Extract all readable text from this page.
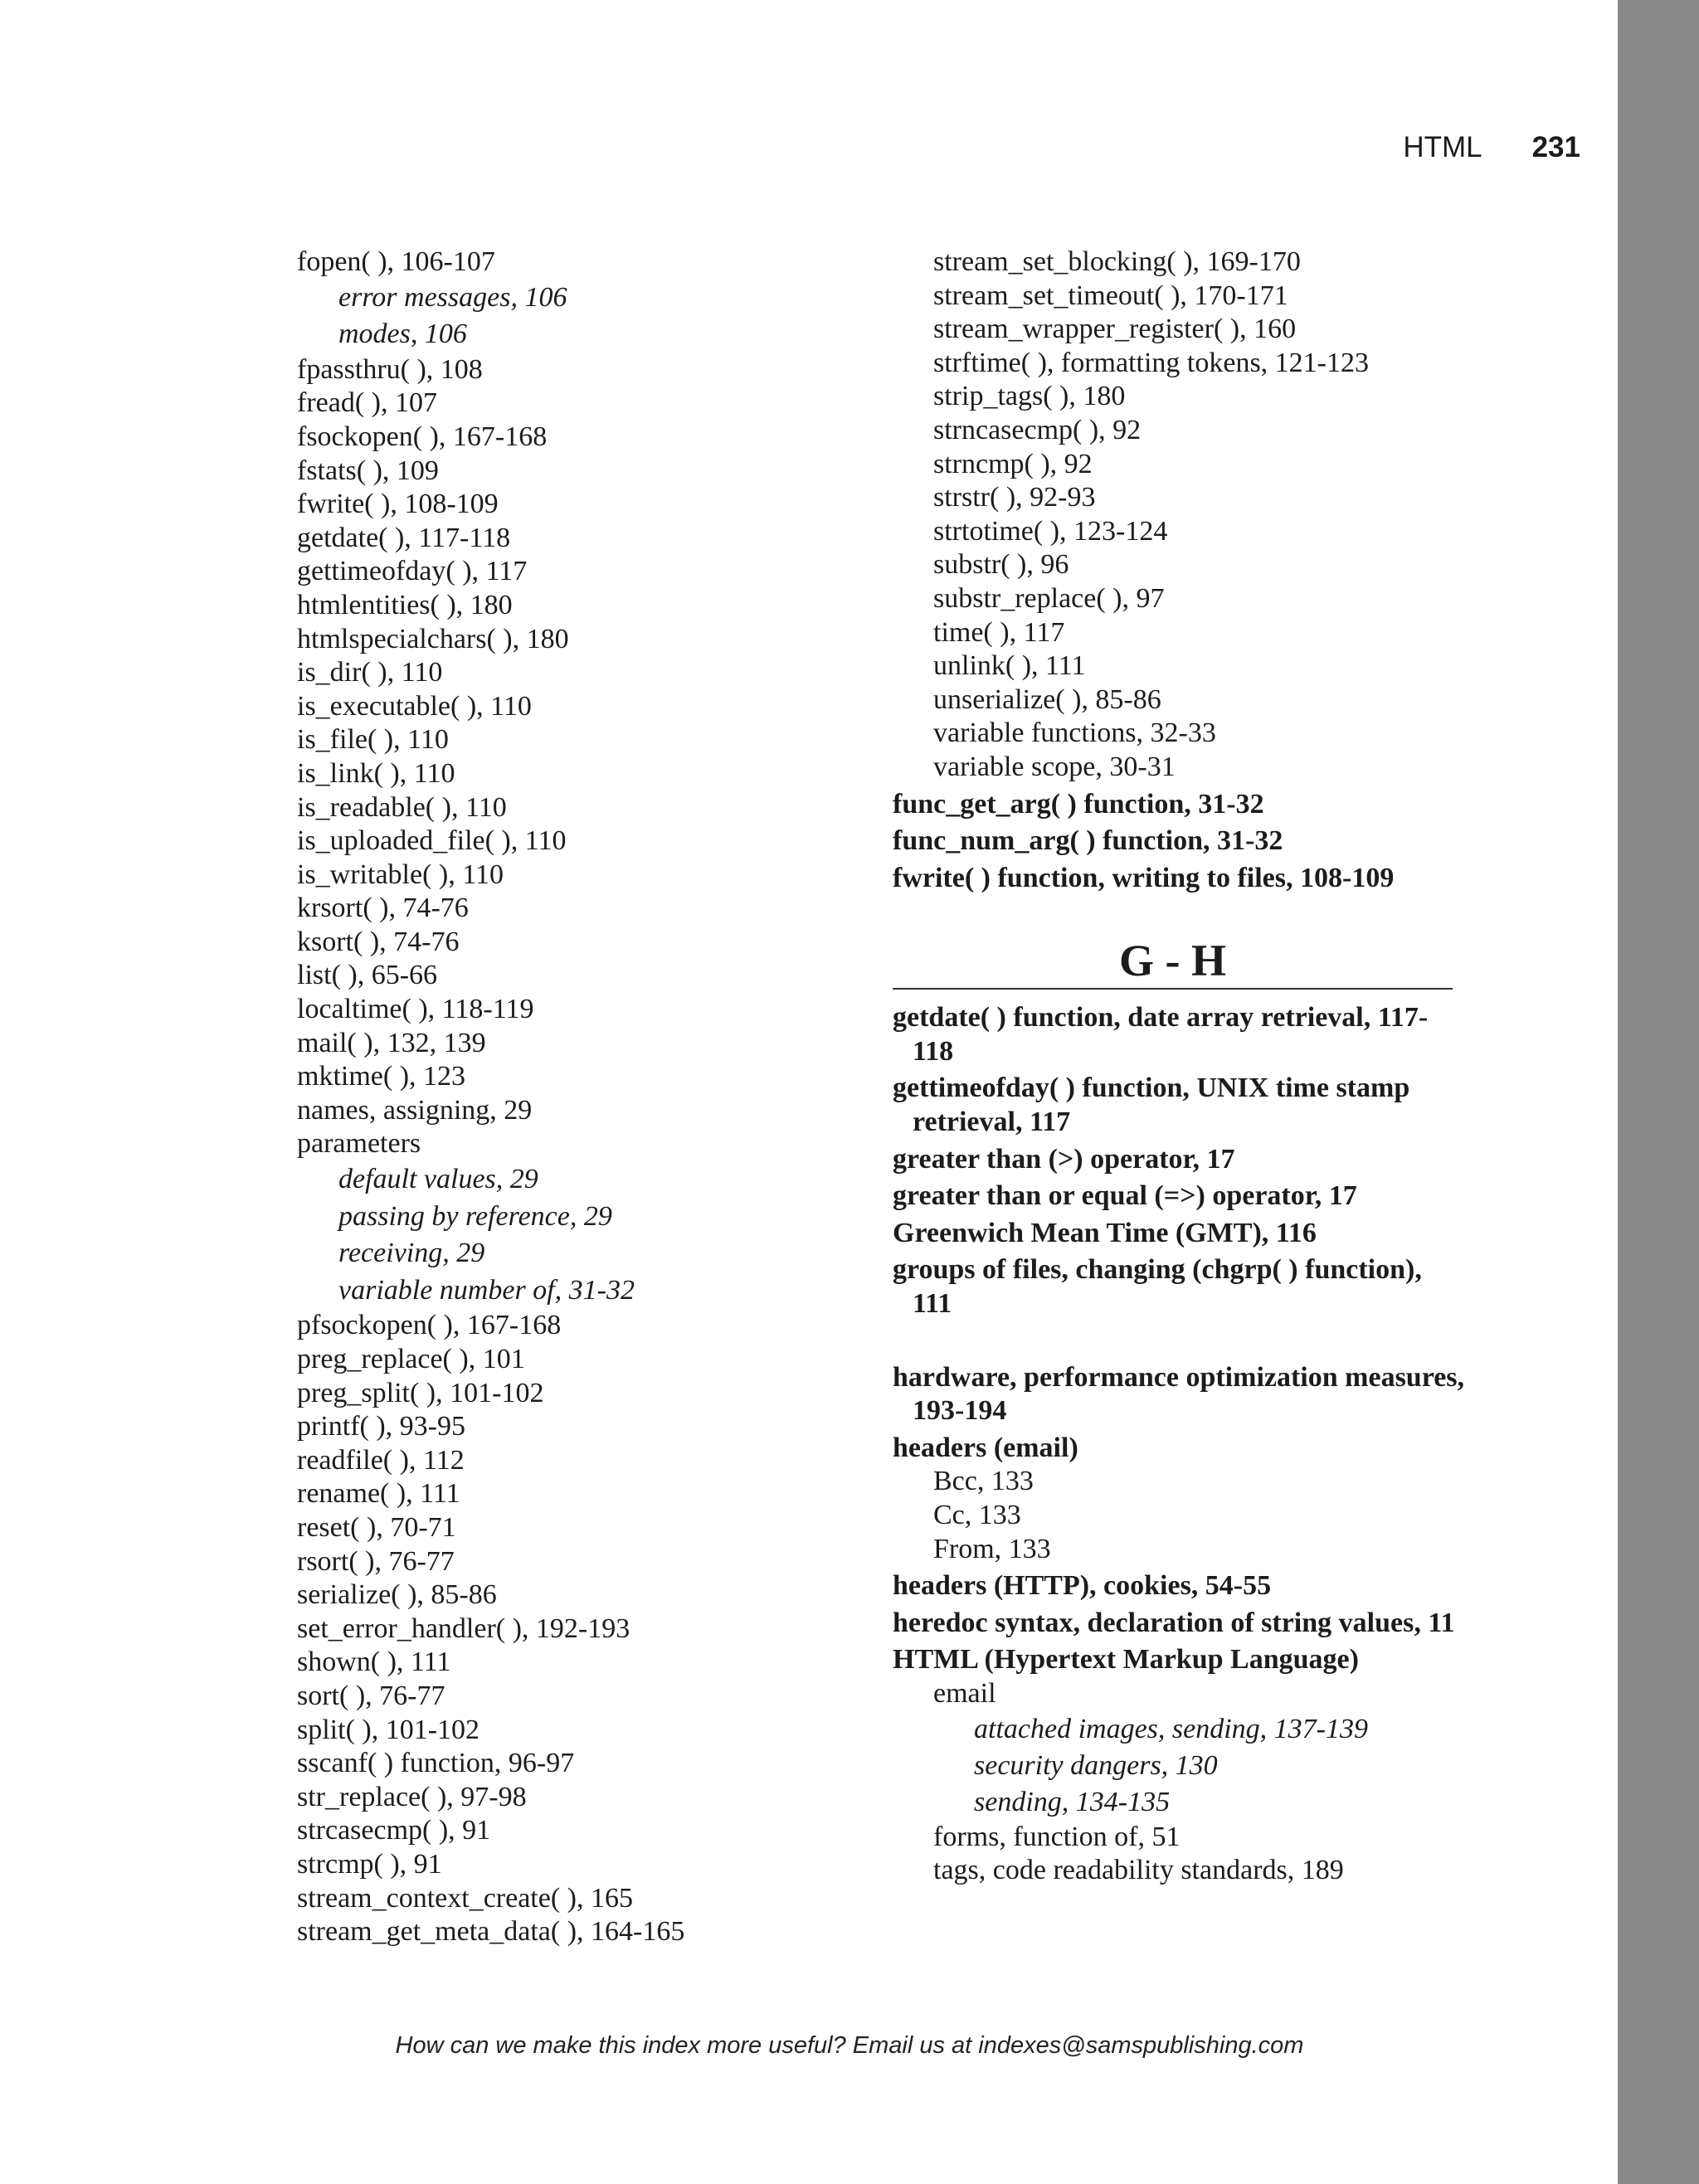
HTML 231
fopen( ), 106-107
error messages, 106
modes, 106
fpassthru( ), 108
fread( ), 107
fsockopen( ), 167-168
fstats( ), 109
fwrite( ), 108-109
getdate( ), 117-118
gettimeofday( ), 117
htmlentities( ), 180
htmlspecialchars( ), 180
is_dir( ), 110
is_executable( ), 110
is_file( ), 110
is_link( ), 110
is_readable( ), 110
is_uploaded_file( ), 110
is_writable( ), 110
krsort( ), 74-76
ksort( ), 74-76
list( ), 65-66
localtime( ), 118-119
mail( ), 132, 139
mktime( ), 123
names, assigning, 29
parameters
default values, 29
passing by reference, 29
receiving, 29
variable number of, 31-32
pfsockopen( ), 167-168
preg_replace( ), 101
preg_split( ), 101-102
printf( ), 93-95
readfile( ), 112
rename( ), 111
reset( ), 70-71
rsort( ), 76-77
serialize( ), 85-86
set_error_handler( ), 192-193
shown( ), 111
sort( ), 76-77
split( ), 101-102
sscanf( ) function, 96-97
str_replace( ), 97-98
strcasecmp( ), 91
strcmp( ), 91
stream_context_create( ), 165
stream_get_meta_data( ), 164-165
stream_set_blocking( ), 169-170
stream_set_timeout( ), 170-171
stream_wrapper_register( ), 160
strftime( ), formatting tokens, 121-123
strip_tags( ), 180
strncasecmp( ), 92
strncmp( ), 92
strstr( ), 92-93
strtotime( ), 123-124
substr( ), 96
substr_replace( ), 97
time( ), 117
unlink( ), 111
unserialize( ), 85-86
variable functions, 32-33
variable scope, 30-31
func_get_arg( ) function, 31-32
func_num_arg( ) function, 31-32
fwrite( ) function, writing to files, 108-109
G - H
getdate( ) function, date array retrieval, 117-118
gettimeofday( ) function, UNIX time stamp retrieval, 117
greater than (>) operator, 17
greater than or equal (=>) operator, 17
Greenwich Mean Time (GMT), 116
groups of files, changing (chgrp( ) function), 111
hardware, performance optimization measures, 193-194
headers (email)
Bcc, 133
Cc, 133
From, 133
headers (HTTP), cookies, 54-55
heredoc syntax, declaration of string values, 11
HTML (Hypertext Markup Language)
email
attached images, sending, 137-139
security dangers, 130
sending, 134-135
forms, function of, 51
tags, code readability standards, 189
How can we make this index more useful? Email us at indexes@samspublishing.com
